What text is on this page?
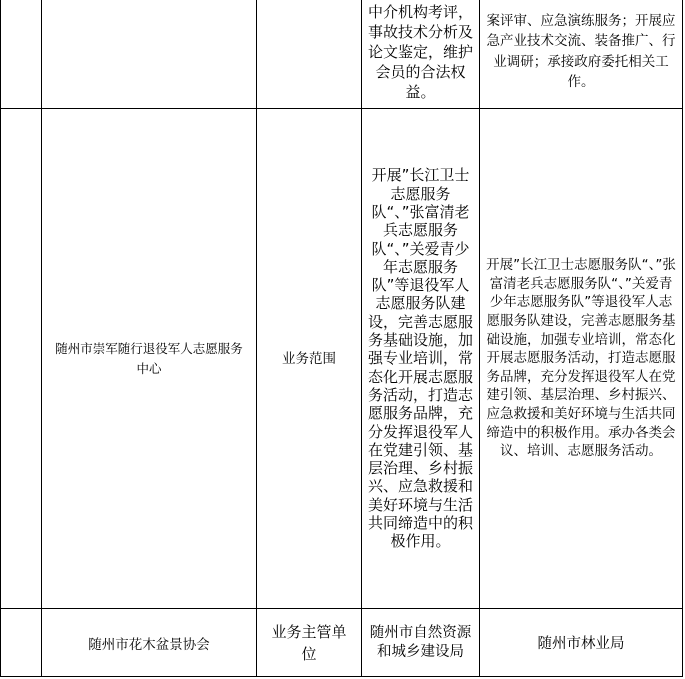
			中介机构考评，事故技术分析及论文鉴定，维护会员的合法权益。	案评审、应急演练服务；开展应急产业技术交流、装备推广、行业调研；承接政府委托相关工作。

	随州市崇军随行退役军人志愿服务中心	业务范围	开展”长江卫士志愿服务队“、”张富清老兵志愿服务队“、”关爱青少年志愿服务队”等退役军人志愿服务队建设，完善志愿服务基础设施，加强专业培训，常态化开展志愿服务活动，打造志愿服务品牌，充分发挥退役军人在党建引领、基层治理、乡村振兴、应急救援和美好环境与生活共同缔造中的积极作用。	开展”长江卫士志愿服务队“、”张富清老兵志愿服务队“、”关爱青少年志愿服务队”等退役军人志愿服务队建设，完善志愿服务基础设施，加强专业培训，常态化开展志愿服务活动，打造志愿服务品牌，充分发挥退役军人在党建引领、基层治理、乡村振兴、应急救援和美好环境与生活共同缔造中的积极作用。承办各类会议、培训、志愿服务活动。

	随州市花木盆景协会	业务主管单位	随州市自然资源和城乡建设局	随州市林业局
